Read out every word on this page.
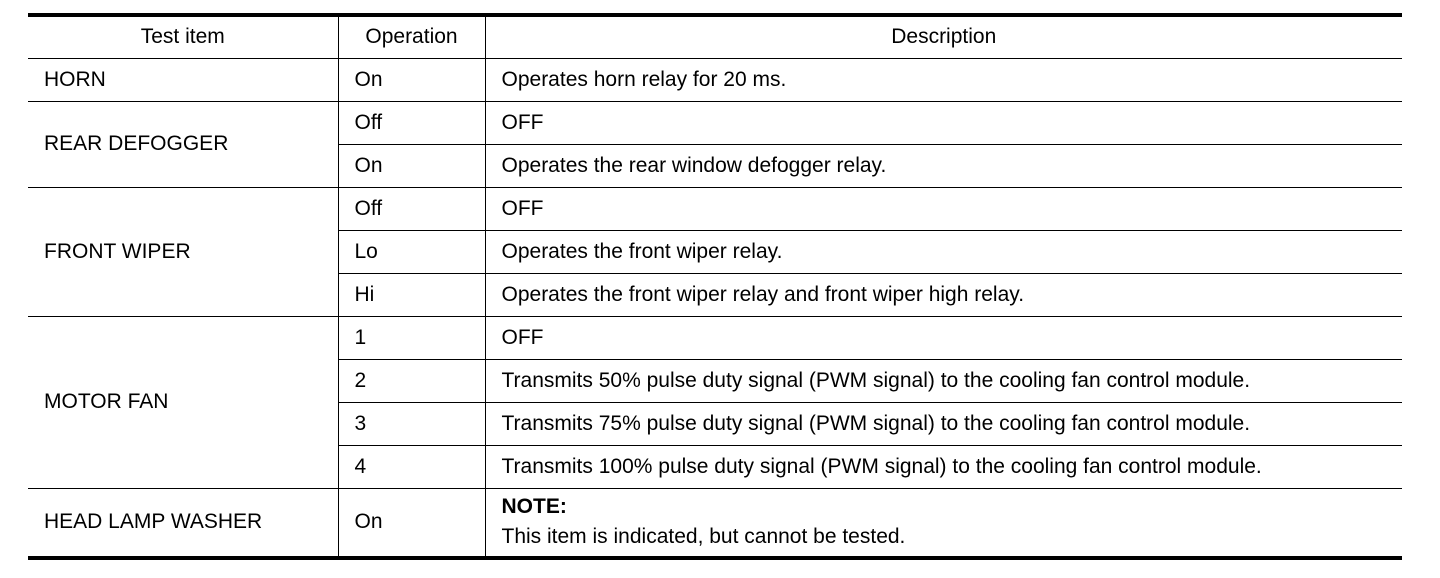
Test item	Operation	Description
HORN	On	Operates horn relay for 20 ms.
REAR DEFOGGER	Off	OFF
	On	Operates the rear window defogger relay.
FRONT WIPER	Off	OFF
	Lo	Operates the front wiper relay.
	Hi	Operates the front wiper relay and front wiper high relay.
MOTOR FAN	1	OFF
	2	Transmits 50% pulse duty signal (PWM signal) to the cooling fan control module.
	3	Transmits 75% pulse duty signal (PWM signal) to the cooling fan control module.
	4	Transmits 100% pulse duty signal (PWM signal) to the cooling fan control module.
HEAD LAMP WASHER	On	NOTE:
This item is indicated, but cannot be tested.
